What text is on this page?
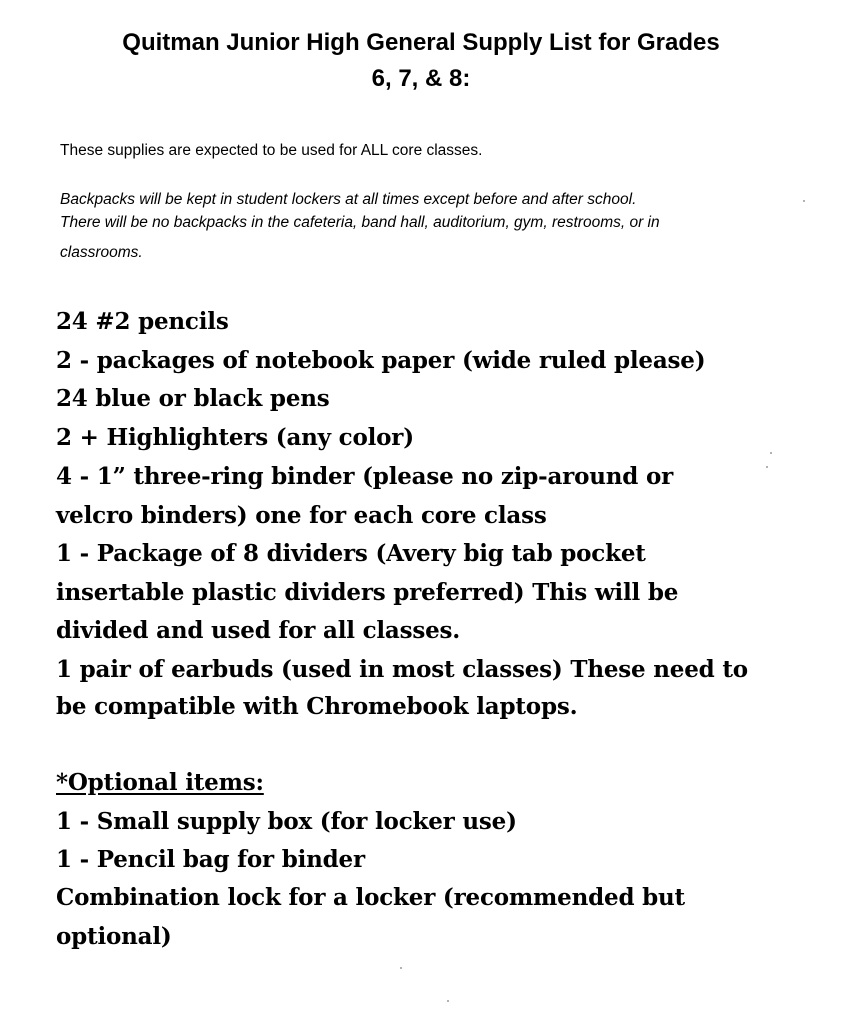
Quitman Junior High General Supply List for Grades
6, 7, & 8:
These supplies are expected to be used for ALL core classes.
Backpacks will be kept in student lockers at all times except before and after school.
There will be no backpacks in the cafeteria, band hall, auditorium, gym, restrooms, or in
classrooms.
24 #2 pencils
2 - packages of notebook paper (wide ruled please)
24 blue or black pens
2 + Highlighters (any color)
4 - 1” three-ring binder (please no zip-around or
velcro binders) one for each core class
1 - Package of 8 dividers (Avery big tab pocket
insertable plastic dividers preferred) This will be
divided and used for all classes.
1 pair of earbuds (used in most classes) These need to
be compatible with Chromebook laptops.
*Optional items:
1 - Small supply box (for locker use)
1 - Pencil bag for binder
Combination lock for a locker (recommended but
optional)
